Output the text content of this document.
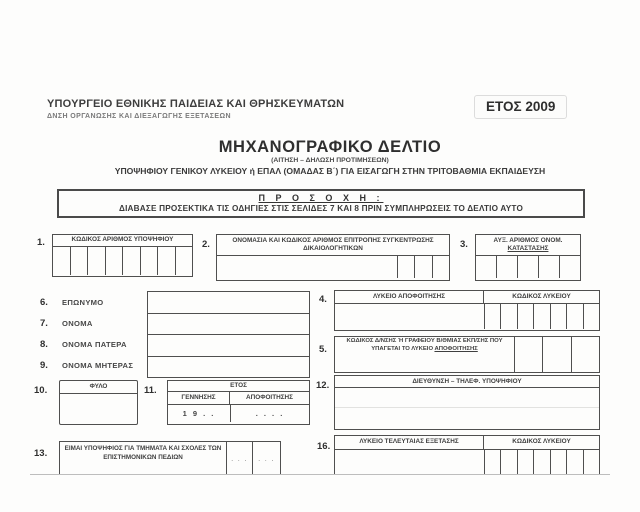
ΥΠΟΥΡΓΕΙΟ ΕΘΝΙΚΗΣ ΠΑΙΔΕΙΑΣ ΚΑΙ ΘΡΗΣΚΕΥΜΑΤΩΝ
ΔΝΣΗ ΟΡΓΑΝΩΣΗΣ ΚΑΙ ΔΙΕΞΑΓΩΓΗΣ ΕΞΕΤΑΣΕΩΝ
ΕΤΟΣ 2009
ΜΗΧΑΝΟΓΡΑΦΙΚΟ ΔΕΛΤΙΟ
(ΑΙΤΗΣΗ – ΔΗΛΩΣΗ ΠΡΟΤΙΜΗΣΕΩΝ)
ΥΠΟΨΗΦΙΟΥ ΓΕΝΙΚΟΥ ΛΥΚΕΙΟΥ ή ΕΠΑΛ (ΟΜΑΔΑΣ Β΄) ΓΙΑ ΕΙΣΑΓΩΓΗ ΣΤΗΝ ΤΡΙΤΟΒΑΘΜΙΑ ΕΚΠΑΙΔΕΥΣΗ
Π Ρ Ο Σ Ο Χ Η :
ΔΙΑΒΑΣΕ ΠΡΟΣΕΚΤΙΚΑ ΤΙΣ ΟΔΗΓΙΕΣ ΣΤΙΣ ΣΕΛΙΔΕΣ 7 ΚΑΙ 8 ΠΡΙΝ ΣΥΜΠΛΗΡΩΣΕΙΣ ΤΟ ΔΕΛΤΙΟ ΑΥΤΟ
1.	ΚΩΔΙΚΟΣ ΑΡΙΘΜΟΣ ΥΠΟΨΗΦΙΟΥ	2.	ΟΝΟΜΑΣΙΑ ΚΑΙ ΚΩΔΙΚΟΣ ΑΡΙΘΜΟΣ ΕΠΙΤΡΟΠΗΣ ΣΥΓΚΕΝΤΡΩΣΗΣ ΔΙΚΑΙΟΛΟΓΗΤΙΚΩΝ	3.	ΑΥΞ. ΑΡΙΘΜΟΣ ΟΝΟΜ.
ΚΑΤΑΣΤΑΣΗΣ
6. ΕΠΩΝΥΜΟ
7. ΟΝΟΜΑ
8. ΟΝΟΜΑ ΠΑΤΕΡΑ
9. ΟΝΟΜΑ ΜΗΤΕΡΑΣ
4.	ΛΥΚΕΙΟ ΑΠΟΦΟΙΤΗΣΗΣ	ΚΩΔΙΚΟΣ ΛΥΚΕΙΟΥ
5.
ΚΩΔΙΚΟΣ Δ/ΝΣΗΣ Ή ΓΡΑΦΕΙΟΥ Β/ΘΜΙΑΣ ΕΚΠ/ΣΗΣ ΠΟΥ ΥΠΑΓΕΤΑΙ ΤΟ ΛΥΚΕΙΟ ΑΠΟΦΟΙΤΗΣΗΣ
10.	ΦΥΛΟ	11.	ΕΤΟΣ
ΓΕΝΝΗΣΗΣ	ΑΠΟΦΟΙΤΗΣΗΣ
1 9 . .	. . . .
12.	ΔΙΕΥΘΥΝΣΗ – ΤΗΛΕΦ. ΥΠΟΨΗΦΙΟΥ
13.	ΕΙΜΑΙ ΥΠΟΨΗΦΙΟΣ ΓΙΑ ΤΜΗΜΑΤΑ ΚΑΙ ΣΧΟΛΕΣ ΤΩΝ ΕΠΙΣΤΗΜΟΝΙΚΩΝ ΠΕΔΙΩΝ	. . .	. . .
16.	ΛΥΚΕΙΟ ΤΕΛΕΥΤΑΙΑΣ ΕΞΕΤΑΣΗΣ	ΚΩΔΙΚΟΣ ΛΥΚΕΙΟΥ
